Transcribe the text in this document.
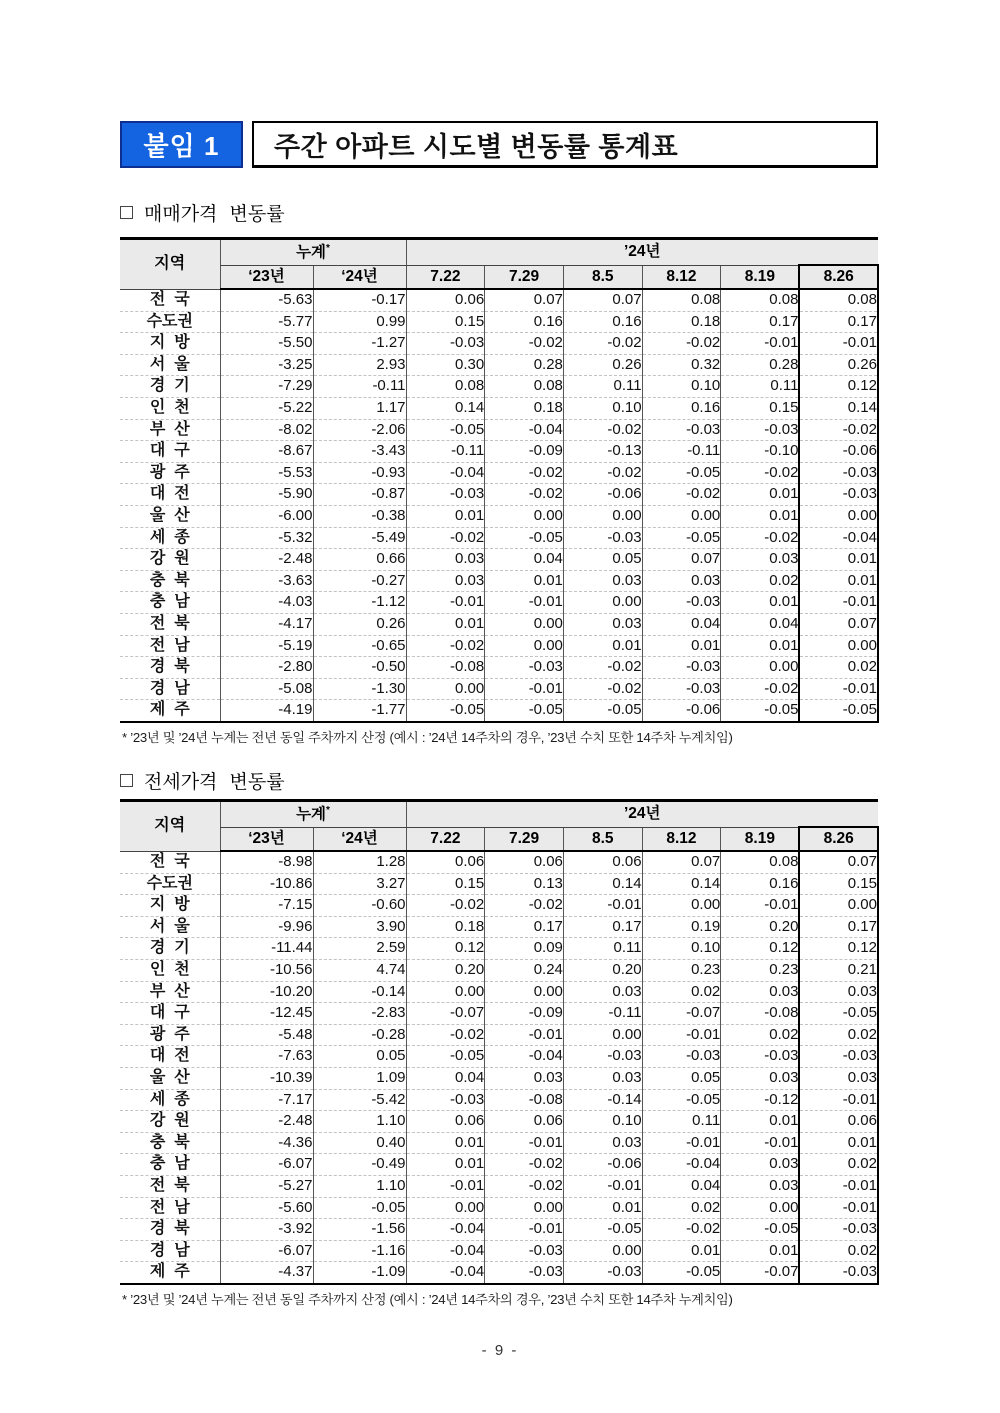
붙임 1 주간 아파트 시도별 변동률 통계표
매매가격  변동률
지역	누계*		’24년					
	‘23년	‘24년	7.22	7.29	8.5	8.12	8.19	8.26
전  국	-5.63	-0.17	0.06	0.07	0.07	0.08	0.08	0.08
수도권	-5.77	0.99	0.15	0.16	0.16	0.18	0.17	0.17
지  방	-5.50	-1.27	-0.03	-0.02	-0.02	-0.02	-0.01	-0.01
서  울	-3.25	2.93	0.30	0.28	0.26	0.32	0.28	0.26
경  기	-7.29	-0.11	0.08	0.08	0.11	0.10	0.11	0.12
인  천	-5.22	1.17	0.14	0.18	0.10	0.16	0.15	0.14
부  산	-8.02	-2.06	-0.05	-0.04	-0.02	-0.03	-0.03	-0.02
대  구	-8.67	-3.43	-0.11	-0.09	-0.13	-0.11	-0.10	-0.06
광  주	-5.53	-0.93	-0.04	-0.02	-0.02	-0.05	-0.02	-0.03
대  전	-5.90	-0.87	-0.03	-0.02	-0.06	-0.02	0.01	-0.03
울  산	-6.00	-0.38	0.01	0.00	0.00	0.00	0.01	0.00
세  종	-5.32	-5.49	-0.02	-0.05	-0.03	-0.05	-0.02	-0.04
강  원	-2.48	0.66	0.03	0.04	0.05	0.07	0.03	0.01
충  북	-3.63	-0.27	0.03	0.01	0.03	0.03	0.02	0.01
충  남	-4.03	-1.12	-0.01	-0.01	0.00	-0.03	0.01	-0.01
전  북	-4.17	0.26	0.01	0.00	0.03	0.04	0.04	0.07
전  남	-5.19	-0.65	-0.02	0.00	0.01	0.01	0.01	0.00
경  북	-2.80	-0.50	-0.08	-0.03	-0.02	-0.03	0.00	0.02
경  남	-5.08	-1.30	0.00	-0.01	-0.02	-0.03	-0.02	-0.01
제  주	-4.19	-1.77	-0.05	-0.05	-0.05	-0.06	-0.05	-0.05
* ’23년 및 ’24년 누계는 전년 동일 주차까지 산정 (예시 : ’24년 14주차의 경우, ’23년 수치 또한 14주차 누계치임)
전세가격  변동률
지역	누계*		’24년					
	‘23년	‘24년	7.22	7.29	8.5	8.12	8.19	8.26
전  국	-8.98	1.28	0.06	0.06	0.06	0.07	0.08	0.07
수도권	-10.86	3.27	0.15	0.13	0.14	0.14	0.16	0.15
지  방	-7.15	-0.60	-0.02	-0.02	-0.01	0.00	-0.01	0.00
서  울	-9.96	3.90	0.18	0.17	0.17	0.19	0.20	0.17
경  기	-11.44	2.59	0.12	0.09	0.11	0.10	0.12	0.12
인  천	-10.56	4.74	0.20	0.24	0.20	0.23	0.23	0.21
부  산	-10.20	-0.14	0.00	0.00	0.03	0.02	0.03	0.03
대  구	-12.45	-2.83	-0.07	-0.09	-0.11	-0.07	-0.08	-0.05
광  주	-5.48	-0.28	-0.02	-0.01	0.00	-0.01	0.02	0.02
대  전	-7.63	0.05	-0.05	-0.04	-0.03	-0.03	-0.03	-0.03
울  산	-10.39	1.09	0.04	0.03	0.03	0.05	0.03	0.03
세  종	-7.17	-5.42	-0.03	-0.08	-0.14	-0.05	-0.12	-0.01
강  원	-2.48	1.10	0.06	0.06	0.10	0.11	0.01	0.06
충  북	-4.36	0.40	0.01	-0.01	0.03	-0.01	-0.01	0.01
충  남	-6.07	-0.49	0.01	-0.02	-0.06	-0.04	0.03	0.02
전  북	-5.27	1.10	-0.01	-0.02	-0.01	0.04	0.03	-0.01
전  남	-5.60	-0.05	0.00	0.00	0.01	0.02	0.00	-0.01
경  북	-3.92	-1.56	-0.04	-0.01	-0.05	-0.02	-0.05	-0.03
경  남	-6.07	-1.16	-0.04	-0.03	0.00	0.01	0.01	0.02
제  주	-4.37	-1.09	-0.04	-0.03	-0.03	-0.05	-0.07	-0.03
* ’23년 및 ’24년 누계는 전년 동일 주차까지 산정 (예시 : ’24년 14주차의 경우, ’23년 수치 또한 14주차 누계치임)
- 9 -
